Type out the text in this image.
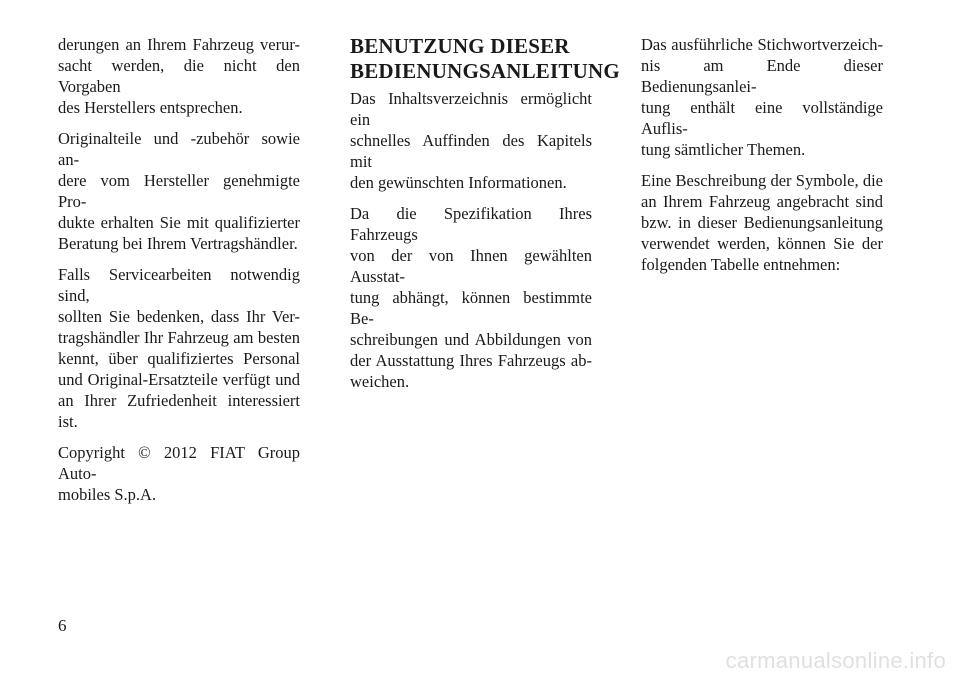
derungen an Ihrem Fahrzeug verur-
sacht werden, die nicht den Vorgaben
des Herstellers entsprechen.

Originalteile und -zubehör sowie an-
dere vom Hersteller genehmigte Pro-
dukte erhalten Sie mit qualifizierter
Beratung bei Ihrem Vertragshändler.

Falls Servicearbeiten notwendig sind,
sollten Sie bedenken, dass Ihr Ver-
tragshändler Ihr Fahrzeug am besten
kennt, über qualifiziertes Personal
und Original-Ersatzteile verfügt und
an Ihrer Zufriedenheit interessiert ist.

Copyright © 2012 FIAT Group Auto-
mobiles S.p.A.

BENUTZUNG DIESER
BEDIENUNGSANLEITUNG

Das Inhaltsverzeichnis ermöglicht ein
schnelles Auffinden des Kapitels mit
den gewünschten Informationen.

Da die Spezifikation Ihres Fahrzeugs
von der von Ihnen gewählten Ausstat-
tung abhängt, können bestimmte Be-
schreibungen und Abbildungen von
der Ausstattung Ihres Fahrzeugs ab-
weichen.

Das ausführliche Stichwortverzeich-
nis am Ende dieser Bedienungsanlei-
tung enthält eine vollständige Auflis-
tung sämtlicher Themen.

Eine Beschreibung der Symbole, die
an Ihrem Fahrzeug angebracht sind
bzw. in dieser Bedienungsanleitung
verwendet werden, können Sie der
folgenden Tabelle entnehmen:

6
carmanualsonline.info
